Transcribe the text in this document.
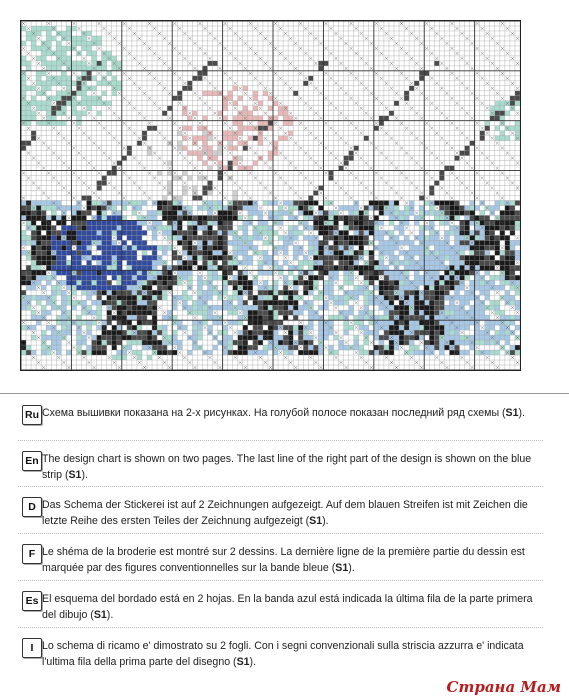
Ru Схема вышивки показана на 2-х рисунках. На голубой полосе показан последний ряд схемы (S1).
En The design chart is shown on two pages. The last line of the right part of the design is shown on the blue strip (S1).
D Das Schema der Stickerei ist auf 2 Zeichnungen aufgezeigt. Auf dem blauen Streifen ist mit Zeichen die letzte Reihe des ersten Teiles der Zeichnung aufgezeigt (S1).
F Le shéma de la broderie est montré sur 2 dessins. La dernière ligne de la première partie du dessin est marquée par des figures conventionnelles sur la bande bleue (S1).
Es El esquema del bordado está en 2 hojas. En la banda azul está indicada la última fila de la parte primera del dibujo (S1).
I Lo schema di ricamo e' dimostrato su 2 fogli. Con i segni convenzionali sulla striscia azzurra e' indicata l'ultima fila della prima parte del disegno (S1).
Страна Мам
